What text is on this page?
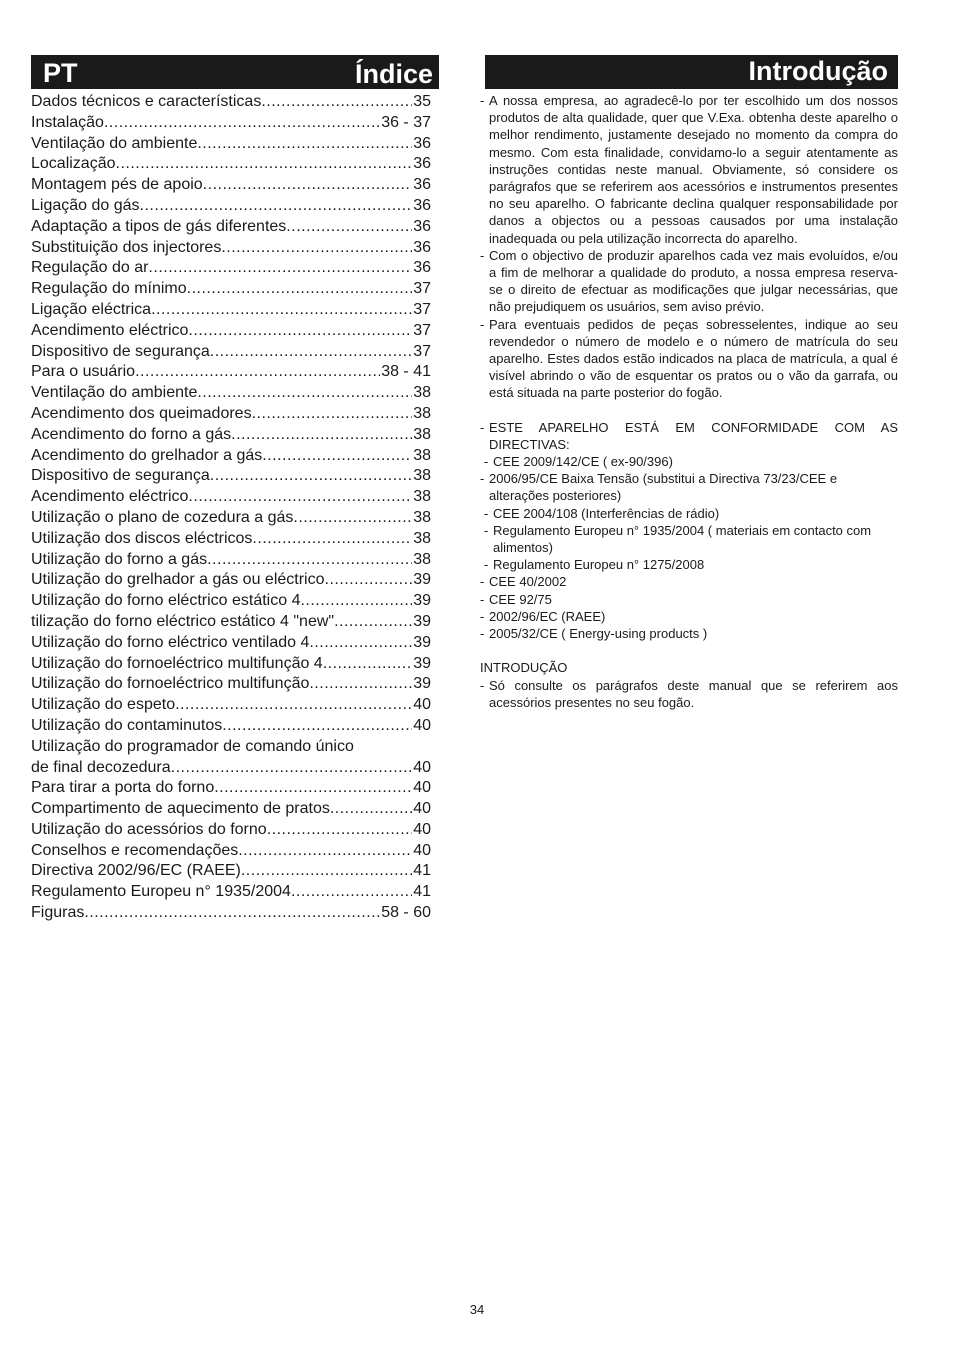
PT	Índice	Introdução
Dados técnicos e características .....	35
Instalação .....	36 - 37
Ventilação do ambiente .....	36
Localização .....	36
Montagem pés de apoio .....	36
Ligação do gás .....	36
Adaptação a tipos de gás diferentes .....	36
Substituição dos injectores .....	36
Regulação do ar .....	36
Regulação do mínimo .....	37
Ligação eléctrica .....	37
Acendimento eléctrico .....	37
Dispositivo de segurança .....	37
Para o usuário .....	38 - 41
Ventilação do ambiente .....	38
Acendimento dos queimadores .....	38
Acendimento do forno a gás .....	38
Acendimento do grelhador a gás .....	38
Dispositivo de segurança .....	38
Acendimento eléctrico .....	38
Utilização o plano de cozedura a gás .....	38
Utilização dos discos eléctricos .....	38
Utilização do forno a gás .....	38
Utilização do grelhador a gás ou eléctrico .....	39
Utilização do forno eléctrico estático 4 .....	39
tilização do forno eléctrico estático 4 "new" .....	39
Utilização do forno eléctrico ventilado 4 .....	39
Utilização do fornoeléctrico multifunção 4 .....	39
Utilização do fornoeléctrico multifunção .....	39
Utilização do espeto .....	40
Utilização do contaminutos .....	40
Utilização do programador de comando único
de final decozedura .....	40
Para tirar a porta do forno .....	40
Compartimento de aquecimento de pratos .....	40
Utilização do acessórios do forno .....	40
Conselhos e recomendações .....	40
Directiva 2002/96/EC (RAEE) .....	41
Regulamento Europeu n° 1935/2004 .....	41
Figuras .....	58 - 60

- A nossa empresa, ao agradecê-lo por ter escolhido um dos nossos produtos de alta qualidade, quer que V.Exa. obtenha deste aparelho o melhor rendimento, justamente desejado no momento da compra do mesmo. Com esta finalidade, convidamo-lo a seguir atentamente as instruções contidas neste manual. Obviamente, só considere os parágrafos que se referirem aos acessórios e instrumentos presentes no seu aparelho. O fabricante declina qualquer responsabilidade por danos a objectos ou a pessoas causados por uma instalação inadequada ou pela utilização incorrecta do aparelho.

- Com o objectivo de produzir aparelhos cada vez mais evoluídos, e/ou a fim de melhorar a qualidade do produto, a nossa empresa reserva-se o direito de efectuar as modificações que julgar necessárias, que não prejudiquem os usuários, sem aviso prévio.

- Para eventuais pedidos de peças sobresselentes, indique ao seu revendedor o número de modelo e o número de matrícula do seu aparelho. Estes dados estão indicados na placa de matrícula, a qual é visível abrindo o vão de esquentar os pratos ou o vão da garrafa, ou está situada na parte posterior do fogão.

- ESTE APARELHO ESTÁ EM CONFORMIDADE COM AS DIRECTIVAS:

- CEE 2009/142/CE ( ex-90/396)

- 2006/95/CE Baixa Tensão (substitui a Directiva 73/23/CEE e alterações posteriores)

- CEE 2004/108 (Interferências de rádio)

- Regulamento Europeu n° 1935/2004 ( materiais em contacto com alimentos)

- Regulamento Europeu n° 1275/2008

- CEE 40/2002

- CEE 92/75

- 2002/96/EC (RAEE)

- 2005/32/CE ( Energy-using products )

INTRODUÇÃO

- Só consulte os parágrafos deste manual que se referirem aos acessórios presentes no seu fogão.

34
